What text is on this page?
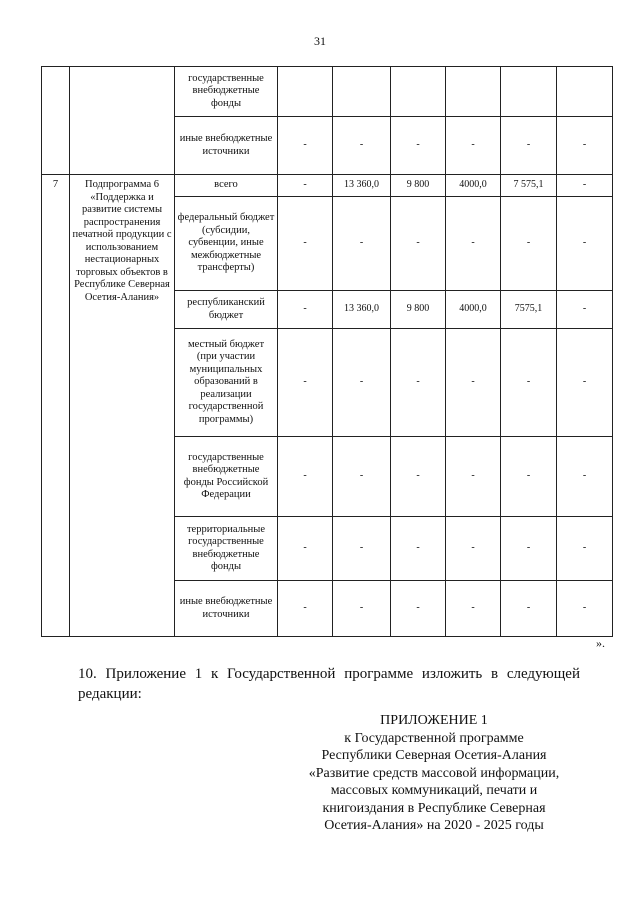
31
		государственные внебюджетные фонды						
		иные внебюджетные источники	-	-	-	-	-	-
7	Подпрограмма 6 «Поддержка и развитие системы распространения печатной продукции с использованием нестационарных торговых объектов в Республике Северная Осетия-Алания»	всего	-	13 360,0	9 800	4000,0	7 575,1	-
		федеральный бюджет (субсидии, субвенции, иные межбюджетные трансферты)	-	-	-	-	-	-
		республиканский бюджет	-	13 360,0	9 800	4000,0	7575,1	-
		местный бюджет (при участии муниципальных образований в реализации государственной программы)	-	-	-	-	-	-
		государственные внебюджетные фонды Российской Федерации	-	-	-	-	-	-
		территориальные государственные внебюджетные фонды	-	-	-	-	-	-
		иные внебюджетные источники	-	-	-	-	-	-
».
10. Приложение 1 к Государственной программе изложить в следующей
редакции:
ПРИЛОЖЕНИЕ 1
к Государственной программе
Республики Северная Осетия-Алания
«Развитие средств массовой информации,
массовых коммуникаций, печати и
книгоиздания в Республике Северная
Осетия-Алания» на 2020 - 2025 годы
